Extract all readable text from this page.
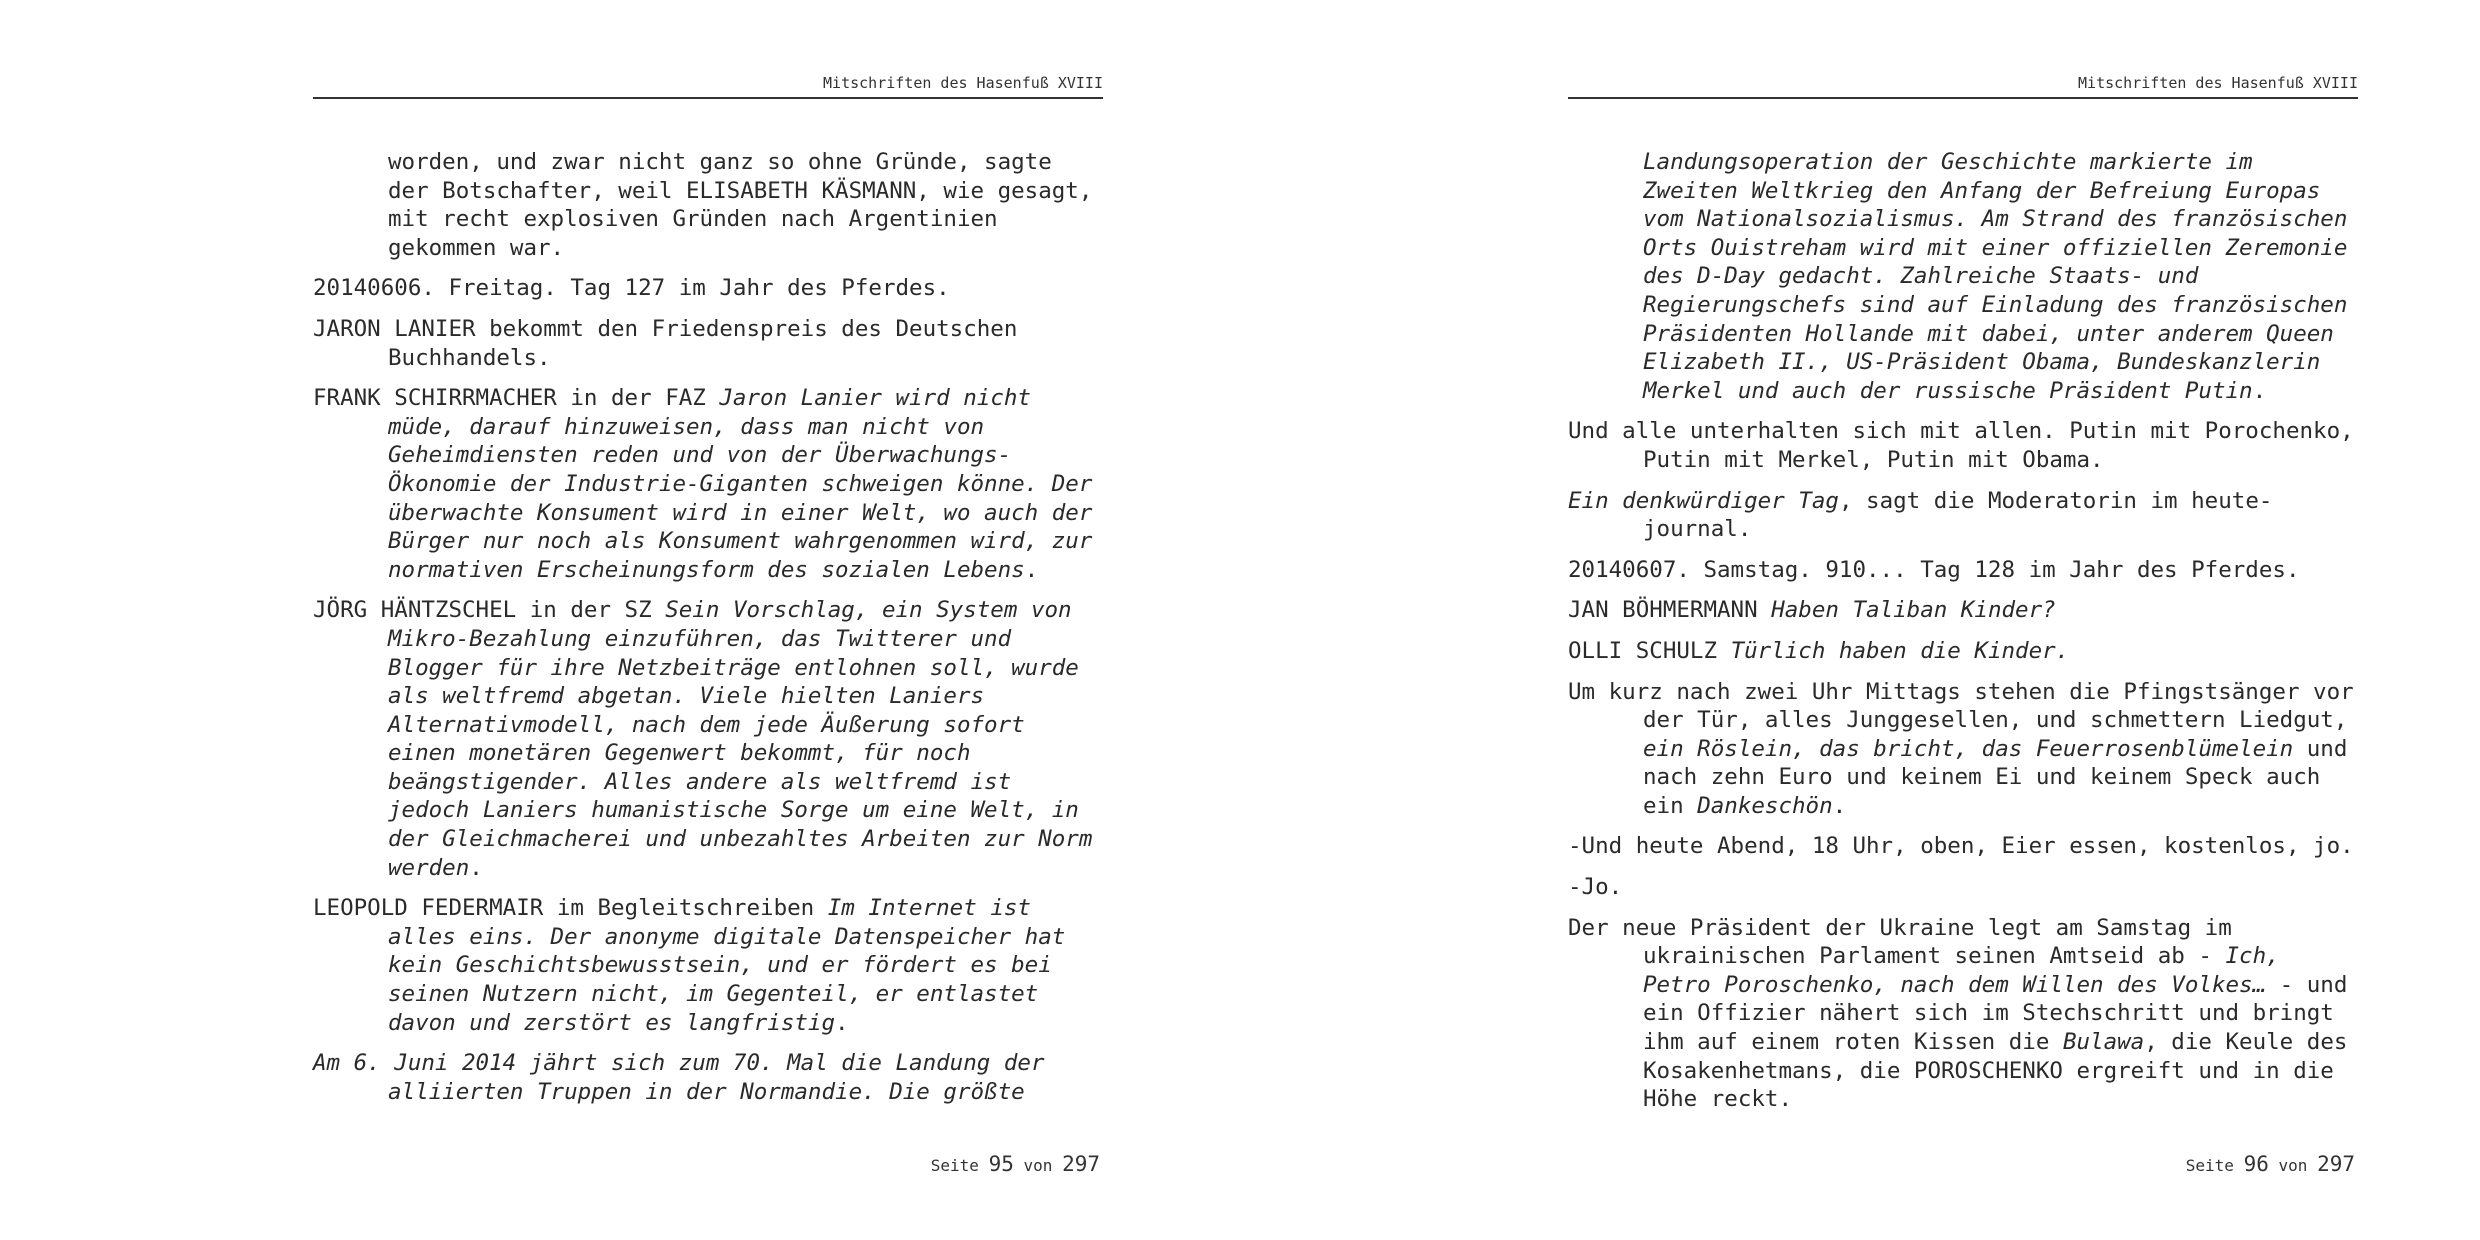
Mitschriften des Hasenfuß XVIII

worden, und zwar nicht ganz so ohne Gründe, sagte der Botschafter, weil ELISABETH KÄSMANN, wie gesagt, mit recht explosiven Gründen nach Argentinien gekommen war.

20140606. Freitag. Tag 127 im Jahr des Pferdes.

JARON LANIER bekommt den Friedenspreis des Deutschen Buchhandels.

FRANK SCHIRRMACHER in der FAZ Jaron Lanier wird nicht müde, darauf hinzuweisen, dass man nicht von Geheimdiensten reden und von der Überwachungs-Ökonomie der Industrie-Giganten schweigen könne. Der überwachte Konsument wird in einer Welt, wo auch der Bürger nur noch als Konsument wahrgenommen wird, zur normativen Erscheinungsform des sozialen Lebens.

JÖRG HÄNTZSCHEL in der SZ Sein Vorschlag, ein System von Mikro-Bezahlung einzuführen, das Twitterer und Blogger für ihre Netzbeiträge entlohnen soll, wurde als weltfremd abgetan. Viele hielten Laniers Alternativmodell, nach dem jede Äußerung sofort einen monetären Gegenwert bekommt, für noch beängstigender. Alles andere als weltfremd ist jedoch Laniers humanistische Sorge um eine Welt, in der Gleichmacherei und unbezahltes Arbeiten zur Norm werden.

LEOPOLD FEDERMAIR im Begleitschreiben Im Internet ist alles eins. Der anonyme digitale Datenspeicher hat kein Geschichtsbewusstsein, und er fördert es bei seinen Nutzern nicht, im Gegenteil, er entlastet davon und zerstört es langfristig.

Am 6. Juni 2014 jährt sich zum 70. Mal die Landung der alliierten Truppen in der Normandie. Die größte

Seite 95 von 297
Mitschriften des Hasenfuß XVIII

Landungsoperation der Geschichte markierte im Zweiten Weltkrieg den Anfang der Befreiung Europas vom Nationalsozialismus. Am Strand des französischen Orts Ouistreham wird mit einer offiziellen Zeremonie des D-Day gedacht. Zahlreiche Staats- und Regierungschefs sind auf Einladung des französischen Präsidenten Hollande mit dabei, unter anderem Queen Elizabeth II., US-Präsident Obama, Bundeskanzlerin Merkel und auch der russische Präsident Putin.

Und alle unterhalten sich mit allen. Putin mit Porochenko, Putin mit Merkel, Putin mit Obama.

Ein denkwürdiger Tag, sagt die Moderatorin im heute-journal.

20140607. Samstag. 910... Tag 128 im Jahr des Pferdes.

JAN BÖHMERMANN Haben Taliban Kinder?

OLLI SCHULZ Türlich haben die Kinder.

Um kurz nach zwei Uhr Mittags stehen die Pfingstsänger vor der Tür, alles Junggesellen, und schmettern Liedgut, ein Röslein, das bricht, das Feuerrosenblümelein und nach zehn Euro und keinem Ei und keinem Speck auch ein Dankeschön.

-Und heute Abend, 18 Uhr, oben, Eier essen, kostenlos, jo.

-Jo.

Der neue Präsident der Ukraine legt am Samstag im ukrainischen Parlament seinen Amtseid ab - Ich, Petro Poroschenko, nach dem Willen des Volkes… - und ein Offizier nähert sich im Stechschritt und bringt ihm auf einem roten Kissen die Bulawa, die Keule des Kosakenhetmans, die POROSCHENKO ergreift und in die Höhe reckt.

Seite 96 von 297
